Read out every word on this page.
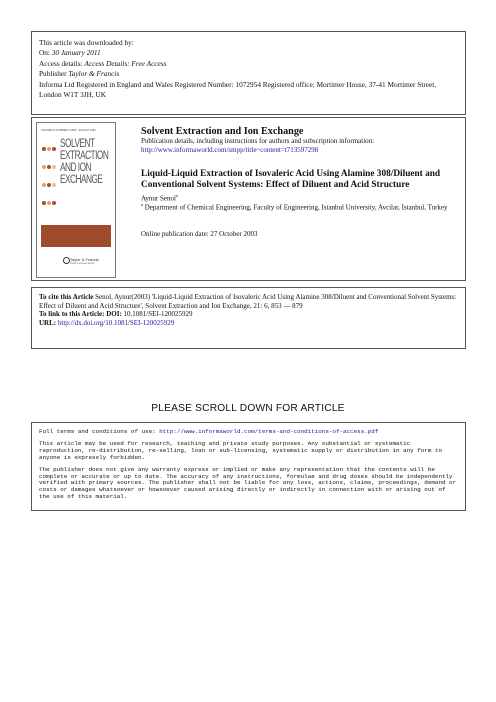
This article was downloaded by:
On: 30 January 2011
Access details: Access Details: Free Access
Publisher Taylor & Francis
Informa Ltd Registered in England and Wales Registered Number: 1072954 Registered office: Mortimer House, 37-41 Mortimer Street, London W1T 3JH, UK
VOLUME 21 NUMBER 6 2003 · AUGUST 2003
SOLVENT
EXTRACTION
AND ION
EXCHANGE
Taylor & Francis
Taylor & Francis Group
Solvent Extraction and Ion Exchange
Publication details, including instructions for authors and subscription information:
http://www.informaworld.com/smpp/title~content=t713597298
Liquid-Liquid Extraction of Isovaleric Acid Using Alamine 308/Diluent and Conventional Solvent Systems: Effect of Diluent and Acid Structure
Aynur Senol$^a$
$^a$ Department of Chemical Engineering, Faculty of Engineering, Istanbul University, Avcilar, Istanbul, Turkey
Online publication date: 27 October 2003
To cite this Article Senol, Aynur(2003) 'Liquid-Liquid Extraction of Isovaleric Acid Using Alamine 308/Diluent and Conventional Solvent Systems: Effect of Diluent and Acid Structure', Solvent Extraction and Ion Exchange, 21: 6, 853 — 879
To link to this Article: DOI: 10.1081/SEI-120025929
URL: http://dx.doi.org/10.1081/SEI-120025929
PLEASE SCROLL DOWN FOR ARTICLE

Full terms and conditions of use: http://www.informaworld.com/terms-and-conditions-of-access.pdf

This article may be used for research, teaching and private study purposes. Any substantial or systematic reproduction, re-distribution, re-selling, loan or sub-licensing, systematic supply or distribution in any form to anyone is expressly forbidden.

The publisher does not give any warranty express or implied or make any representation that the contents will be complete or accurate or up to date. The accuracy of any instructions, formulae and drug doses should be independently verified with primary sources. The publisher shall not be liable for any loss, actions, claims, proceedings, demand or costs or damages whatsoever or howsoever caused arising directly or indirectly in connection with or arising out of the use of this material.
